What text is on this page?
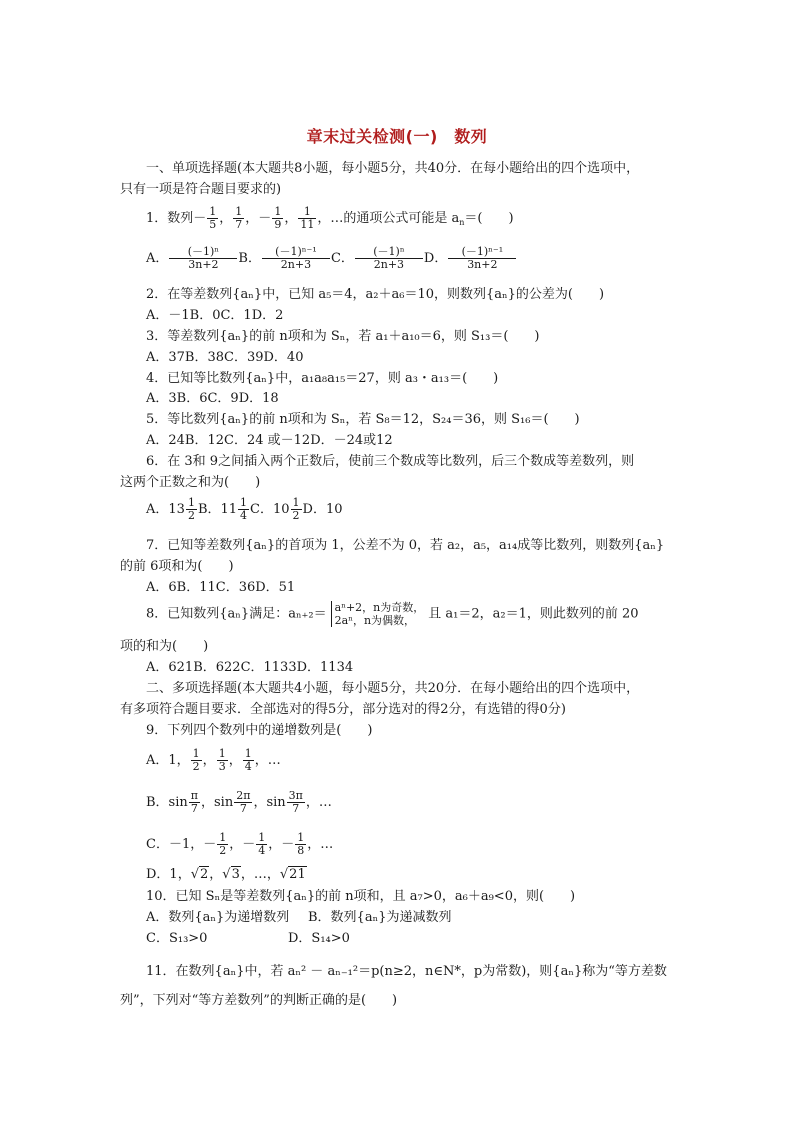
章末过关检测(一)　数列
一、单项选择题(本大题共8小题，每小题5分，共40分．在每小题给出的四个选项中，
只有一项是符合题目要求的)
1．数列－ $\frac{1}{5}$ ， $\frac{1}{7}$ ，－ $\frac{1}{9}$ ， $\frac{1}{11}$ ，…的通项公式可能是 $a_n=$(　　)
A． $\frac{\text{(－1)ⁿ}}{3n+2}$ B． $\frac{\text{(－1)ⁿ⁻¹}}{2n+3}$ C． $\frac{\text{(－1)ⁿ}}{2n+3}$ D． $\frac{\text{(－1)ⁿ⁻¹}}{3n+2}$
2．在等差数列{aₙ}中，已知 a₅＝4，a₂＋a₆＝10，则数列{aₙ}的公差为(　　)
A．－1B．0C．1D．2
3．等差数列{aₙ}的前 n项和为 Sₙ，若 a₁＋a₁₀＝6，则 S₁₃＝(　　)
A．37B．38C．39D．40
4．已知等比数列{aₙ}中，a₁a₈a₁₅＝27，则 a₃・a₁₃＝(　　)
A．3B．6C．9D．18
5．等比数列{aₙ}的前 n项和为 Sₙ，若 S₈＝12，S₂₄＝36，则 S₁₆＝(　　)
A．24B．12C．24 或－12D．－24或12
6．在 3和 9之间插入两个正数后，使前三个数成等比数列，后三个数成等差数列，则
这两个正数之和为(　　)
A．$13 \frac{1}{2}$ B．$11 \frac{1}{4}$ C．$10 \frac{1}{2}$ D．10
7．已知等差数列{aₙ}的首项为 1，公差不为 0，若 a₂，a₅，a₁₄成等比数列，则数列{aₙ}
的前 6项和为(　　)
A．6B．11C．36D．51
8．已知数列{aₙ}满足：aₙ₊₂＝ aⁿ+2，n为奇数，
2aⁿ，n为偶数，	且 a₁＝2，a₂＝1，则此数列的前 20
项的和为(　　)
A．621B．622C．1133D．1134
二、多项选择题(本大题共4小题，每小题5分，共20分．在每小题给出的四个选项中，
有多项符合题目要求．全部选对的得5分，部分选对的得2分，有选错的得0分)
9．下列四个数列中的递增数列是(　　)
A．1， $\frac{1}{2}$ ， $\frac{1}{3}$ ， $\frac{1}{4}$ ，…
B．$\sin \frac{\pi}{7}$ ，$\sin \frac{2\pi}{7}$ ，$\sin \frac{3\pi}{7}$ ，…
C．－1，－ $\frac{1}{2}$ ，－ $\frac{1}{4}$ ，－ $\frac{1}{8}$ ，…
D．1，√2，√3，…，√21
10．已知 Sₙ是等差数列{aₙ}的前 n项和，且 a₇>0，a₆＋a₉<0，则(　　)
A．数列{aₙ}为递增数列 B．数列{aₙ}为递减数列
C．S₁₃>0	D．S₁₄>0
11．在数列{aₙ}中，若 aₙ² － aₙ₋₁²＝p(n≥2，n∈N*，p为常数)，则{aₙ}称为“等方差数
列”，下列对“等方差数列”的判断正确的是(　　)
